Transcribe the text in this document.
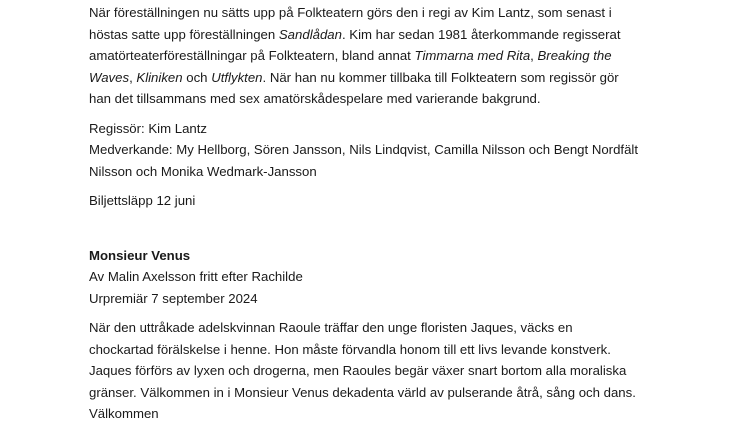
När föreställningen nu sätts upp på Folkteatern görs den i regi av Kim Lantz, som senast i
höstas satte upp föreställningen Sandlådan. Kim har sedan 1981 återkommande regisserat
amatörteaterföreställningar på Folkteatern, bland annat Timmarna med Rita, Breaking the
Waves, Kliniken och Utflykten. När han nu kommer tillbaka till Folkteatern som regissör gör
han det tillsammans med sex amatörskådespelare med varierande bakgrund.

Regissör: Kim Lantz
Medverkande: My Hellborg, Sören Jansson, Nils Lindqvist, Camilla Nilsson och Bengt Nordfält
Nilsson och Monika Wedmark-Jansson

Biljettsläpp 12 juni

Monsieur Venus
Av Malin Axelsson fritt efter Rachilde
Urpremiär 7 september 2024

När den uttråkade adelskvinnan Raoule träffar den unge floristen Jaques, väcks en
chockartad förälskelse i henne. Hon måste förvandla honom till ett livs levande konstverk.
Jaques förförs av lyxen och drogerna, men Raoules begär växer snart bortom alla moraliska
gränser. Välkommen in i Monsieur Venus dekadenta värld av pulserande åtrå, sång och dans.
Välkommen
